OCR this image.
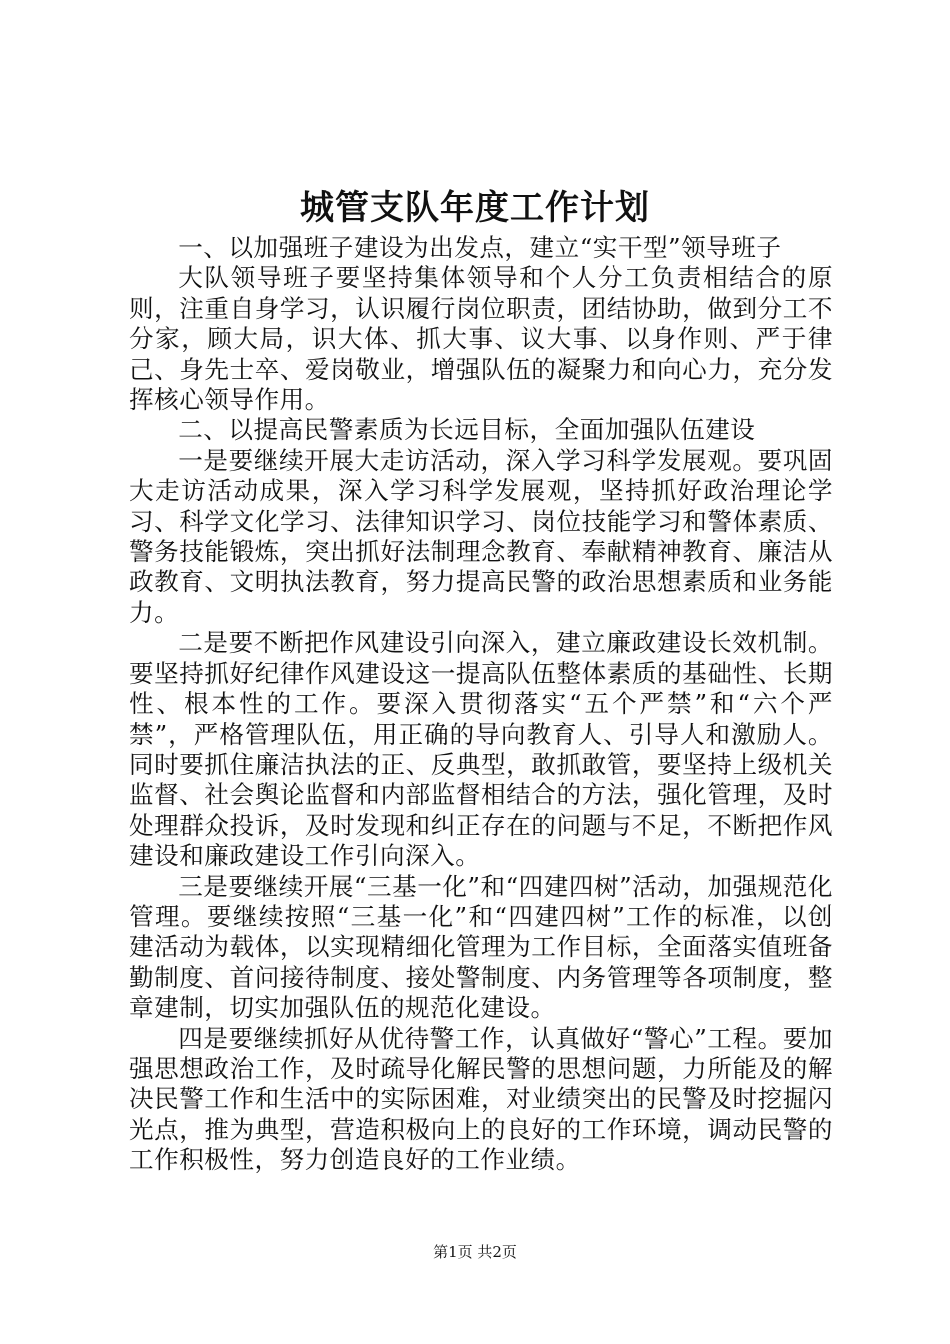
城管支队年度工作计划

一、以加强班子建设为出发点，建立“实干型”领导班子

大队领导班子要坚持集体领导和个人分工负责相结合的原则，注重自身学习，认识履行岗位职责，团结协助，做到分工不分家，顾大局，识大体、抓大事、议大事、以身作则、严于律己、身先士卒、爱岗敬业，增强队伍的凝聚力和向心力，充分发挥核心领导作用。

二、以提高民警素质为长远目标，全面加强队伍建设

一是要继续开展大走访活动，深入学习科学发展观。要巩固大走访活动成果，深入学习科学发展观，坚持抓好政治理论学习、科学文化学习、法律知识学习、岗位技能学习和警体素质、警务技能锻炼，突出抓好法制理念教育、奉献精神教育、廉洁从政教育、文明执法教育，努力提高民警的政治思想素质和业务能力。

二是要不断把作风建设引向深入，建立廉政建设长效机制。要坚持抓好纪律作风建设这一提高队伍整体素质的基础性、长期性、根本性的工作。要深入贯彻落实“五个严禁”和“六个严禁”，严格管理队伍，用正确的导向教育人、引导人和激励人。同时要抓住廉洁执法的正、反典型，敢抓敢管，要坚持上级机关监督、社会舆论监督和内部监督相结合的方法，强化管理，及时处理群众投诉，及时发现和纠正存在的问题与不足，不断把作风建设和廉政建设工作引向深入。

三是要继续开展“三基一化”和“四建四树”活动，加强规范化管理。要继续按照“三基一化”和“四建四树”工作的标准，以创建活动为载体，以实现精细化管理为工作目标，全面落实值班备勤制度、首问接待制度、接处警制度、内务管理等各项制度，整章建制，切实加强队伍的规范化建设。

四是要继续抓好从优待警工作，认真做好“警心”工程。要加强思想政治工作，及时疏导化解民警的思想问题，力所能及的解决民警工作和生活中的实际困难，对业绩突出的民警及时挖掘闪光点，推为典型，营造积极向上的良好的工作环境，调动民警的工作积极性，努力创造良好的工作业绩。

第1页 共2页
